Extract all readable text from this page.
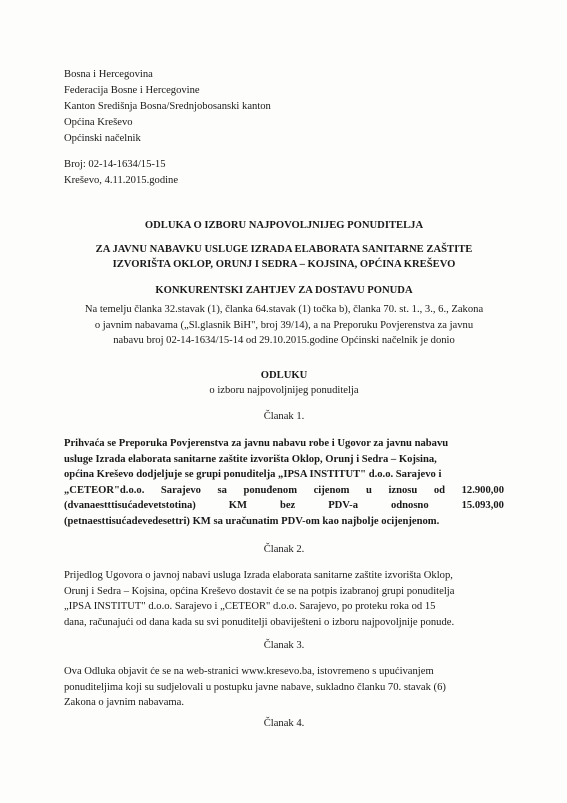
Bosna i Hercegovina
Federacija Bosne i Hercegovine
Kanton Središnja Bosna/Srednjobosanski kanton
Općina Kreševo
Općinski načelnik
Broj: 02-14-1634/15-15
Kreševo, 4.11.2015.godine
ODLUKA O IZBORU NAJPOVOLJNIJEG PONUDITELJA
ZA JAVNU NABAVKU USLUGE IZRADA ELABORATA SANITARNE ZAŠTITE
IZVORIŠTA OKLOP, ORUNJ I SEDRA – KOJSINA, OPĆINA KREŠEVO
KONKURENTSKI ZAHTJEV ZA DOSTAVU PONUDA
Na temelju članka 32.stavak (1), članka 64.stavak (1) točka b), članka 70. st. 1., 3., 6., Zakona
o javnim nabavama („Sl.glasnik BiH", broj 39/14), a na Preporuku Povjerenstva za javnu
nabavu broj 02-14-1634/15-14 od 29.10.2015.godine Općinski načelnik je donio
ODLUKU
o izboru najpovoljnijeg ponuditelja
Članak 1.
Prihvaća se Preporuka Povjerenstva za javnu nabavu robe i Ugovor za javnu nabavu
usluge Izrada elaborata sanitarne zaštite izvorišta Oklop, Orunj i Sedra – Kojsina,
općina Kreševo dodjeljuje se grupi ponuditelja „IPSA INSTITUT" d.o.o. Sarajevo i
„CETEOR"d.o.o. Sarajevo sa ponuđenom cijenom u iznosu od 12.900,00
(dvanaestttisućadevetstotina)	KM	bez	PDV-a	odnosno	15.093,00
(petnaesttisućadevedesettri) KM sa uračunatim PDV-om kao najbolje ocijenjenom.
Članak 2.
Prijedlog Ugovora o javnoj nabavi usluga Izrada elaborata sanitarne zaštite izvorišta Oklop,
Orunj i Sedra – Kojsina, općina Kreševo dostavit će se na potpis izabranoj grupi ponuditelja
„IPSA INSTITUT" d.o.o. Sarajevo i „CETEOR" d.o.o. Sarajevo, po proteku roka od 15
dana, računajući od dana kada su svi ponuditelji obaviješteni o izboru najpovoljnije ponude.
Članak 3.
Ova Odluka objavit će se na web-stranici www.kresevo.ba, istovremeno s upućivanjem
ponuditeljima koji su sudjelovali u postupku javne nabave, sukladno članku 70. stavak (6)
Zakona o javnim nabavama.
Članak 4.
